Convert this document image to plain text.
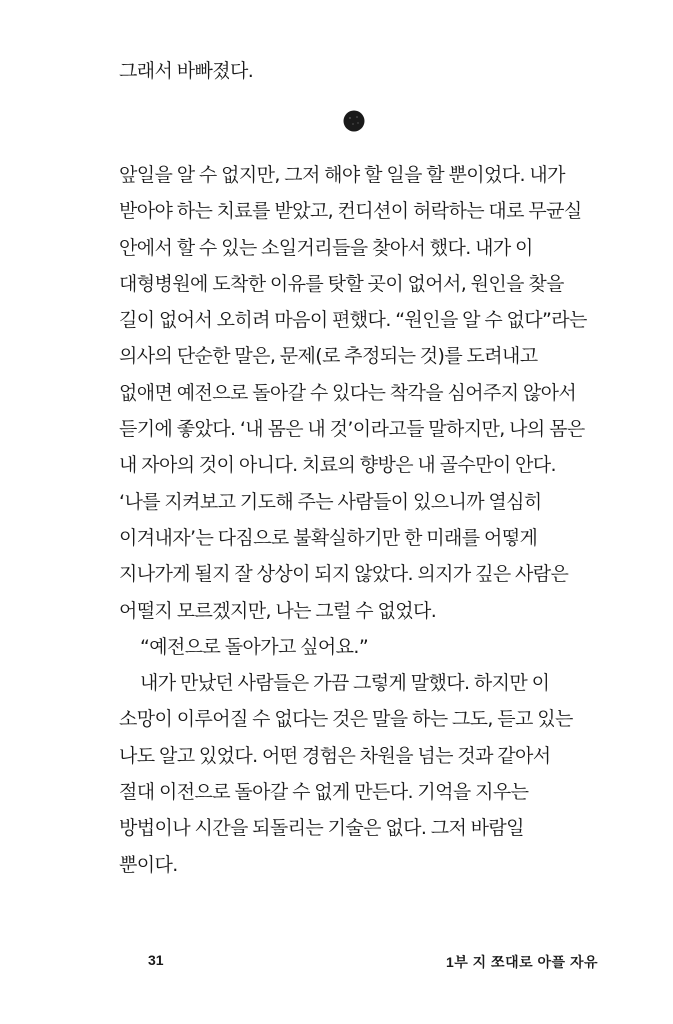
그래서 바빠졌다.
앞일을 알 수 없지만, 그저 해야 할 일을 할 뿐이었다. 내가
받아야 하는 치료를 받았고, 컨디션이 허락하는 대로 무균실
안에서 할 수 있는 소일거리들을 찾아서 했다. 내가 이
대형병원에 도착한 이유를 탓할 곳이 없어서, 원인을 찾을
길이 없어서 오히려 마음이 편했다. “원인을 알 수 없다”라는
의사의 단순한 말은, 문제(로 추정되는 것)를 도려내고
없애면 예전으로 돌아갈 수 있다는 착각을 심어주지 않아서
듣기에 좋았다. ‘내 몸은 내 것’이라고들 말하지만, 나의 몸은
내 자아의 것이 아니다. 치료의 향방은 내 골수만이 안다.
‘나를 지켜보고 기도해 주는 사람들이 있으니까 열심히
이겨내자’는 다짐으로 불확실하기만 한 미래를 어떻게
지나가게 될지 잘 상상이 되지 않았다. 의지가 깊은 사람은
어떨지 모르겠지만, 나는 그럴 수 없었다.
“예전으로 돌아가고 싶어요.”
내가 만났던 사람들은 가끔 그렇게 말했다. 하지만 이
소망이 이루어질 수 없다는 것은 말을 하는 그도, 듣고 있는
나도 알고 있었다. 어떤 경험은 차원을 넘는 것과 같아서
절대 이전으로 돌아갈 수 없게 만든다. 기억을 지우는
방법이나 시간을 되돌리는 기술은 없다. 그저 바람일
뿐이다.
31	1부 지 쪼대로 아플 자유
